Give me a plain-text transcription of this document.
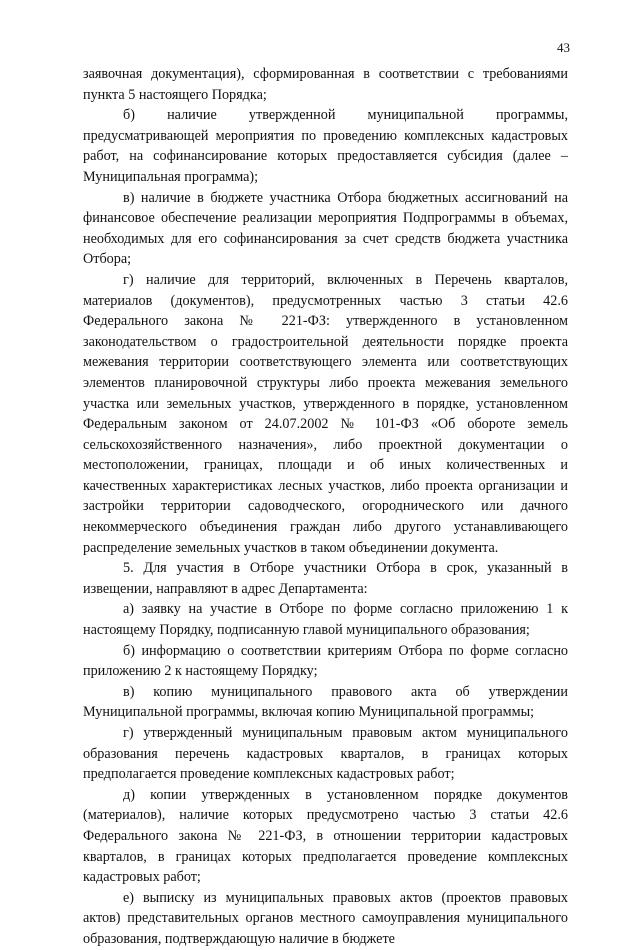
43

заявочная документация), сформированная в соответствии с требованиями пункта 5 настоящего Порядка;

б) наличие утвержденной муниципальной программы, предусматривающей мероприятия по проведению комплексных кадастровых работ, на софинансирование которых предоставляется субсидия (далее – Муниципальная программа);

в) наличие в бюджете участника Отбора бюджетных ассигнований на финансовое обеспечение реализации мероприятия Подпрограммы в объемах, необходимых для его софинансирования за счет средств бюджета участника Отбора;

г) наличие для территорий, включенных в Перечень кварталов, материалов (документов), предусмотренных частью 3 статьи 42.6 Федерального закона № 221-ФЗ: утвержденного в установленном законодательством о градостроительной деятельности порядке проекта межевания территории соответствующего элемента или соответствующих элементов планировочной структуры либо проекта межевания земельного участка или земельных участков, утвержденного в порядке, установленном Федеральным законом от 24.07.2002 № 101-ФЗ «Об обороте земель сельскохозяйственного назначения», либо проектной документации о местоположении, границах, площади и об иных количественных и качественных характеристиках лесных участков, либо проекта организации и застройки территории садоводческого, огороднического или дачного некоммерческого объединения граждан либо другого устанавливающего распределение земельных участков в таком объединении документа.

5. Для участия в Отборе участники Отбора в срок, указанный в извещении, направляют в адрес Департамента:

а) заявку на участие в Отборе по форме согласно приложению 1 к настоящему Порядку, подписанную главой муниципального образования;

б) информацию о соответствии критериям Отбора по форме согласно приложению 2 к настоящему Порядку;

в) копию муниципального правового акта об утверждении Муниципальной программы, включая копию Муниципальной программы;

г) утвержденный муниципальным правовым актом муниципального образования перечень кадастровых кварталов, в границах которых предполагается проведение комплексных кадастровых работ;

д) копии утвержденных в установленном порядке документов (материалов), наличие которых предусмотрено частью 3 статьи 42.6 Федерального закона № 221-ФЗ, в отношении территории кадастровых кварталов, в границах которых предполагается проведение комплексных кадастровых работ;

е) выписку из муниципальных правовых актов (проектов правовых актов) представительных органов местного самоуправления муниципального образования, подтверждающую наличие в бюджете
